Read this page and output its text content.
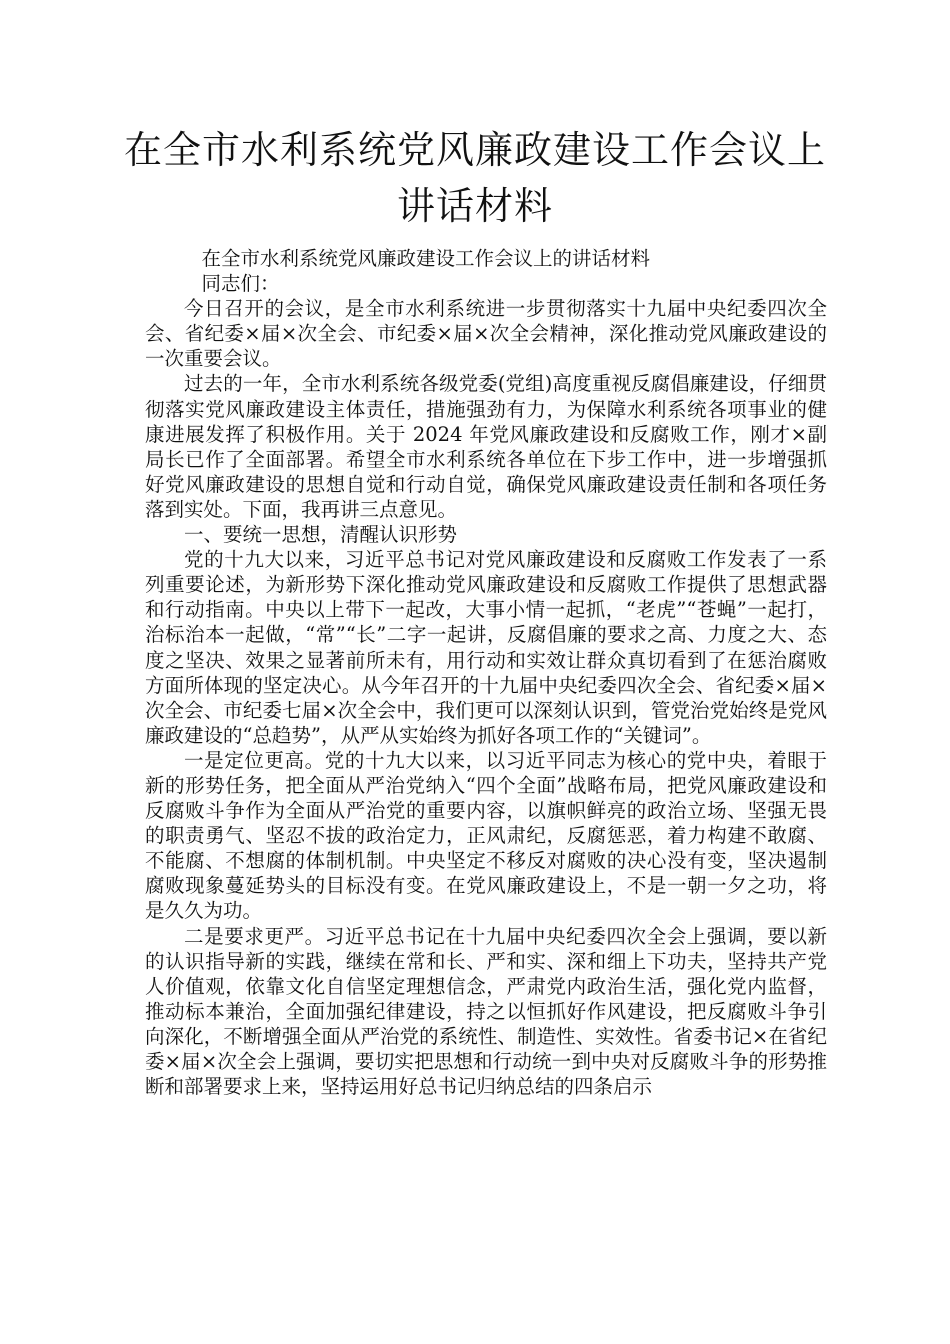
在全市水利系统党风廉政建设工作会议上
讲话材料

在全市水利系统党风廉政建设工作会议上的讲话材料

同志们：

今日召开的会议，是全市水利系统进一步贯彻落实十九届中央纪委四次全会、省纪委×届×次全会、市纪委×届×次全会精神，深化推动党风廉政建设的一次重要会议。

过去的一年，全市水利系统各级党委(党组)高度重视反腐倡廉建设，仔细贯彻落实党风廉政建设主体责任，措施强劲有力，为保障水利系统各项事业的健康进展发挥了积极作用。关于 2024 年党风廉政建设和反腐败工作，刚才×副局长已作了全面部署。希望全市水利系统各单位在下步工作中，进一步增强抓好党风廉政建设的思想自觉和行动自觉，确保党风廉政建设责任制和各项任务落到实处。下面，我再讲三点意见。

一、要统一思想，清醒认识形势

党的十九大以来，习近平总书记对党风廉政建设和反腐败工作发表了一系列重要论述，为新形势下深化推动党风廉政建设和反腐败工作提供了思想武器和行动指南。中央以上带下一起改，大事小情一起抓，“老虎”“苍蝇”一起打，治标治本一起做，“常”“长”二字一起讲，反腐倡廉的要求之高、力度之大、态度之坚决、效果之显著前所未有，用行动和实效让群众真切看到了在惩治腐败方面所体现的坚定决心。从今年召开的十九届中央纪委四次全会、省纪委×届×次全会、市纪委七届×次全会中，我们更可以深刻认识到，管党治党始终是党风廉政建设的“总趋势”，从严从实始终为抓好各项工作的“关键词”。

一是定位更高。党的十九大以来，以习近平同志为核心的党中央，着眼于新的形势任务，把全面从严治党纳入“四个全面”战略布局，把党风廉政建设和反腐败斗争作为全面从严治党的重要内容，以旗帜鲜亮的政治立场、坚强无畏的职责勇气、坚忍不拔的政治定力，正风肃纪，反腐惩恶，着力构建不敢腐、不能腐、不想腐的体制机制。中央坚定不移反对腐败的决心没有变，坚决遏制腐败现象蔓延势头的目标没有变。在党风廉政建设上，不是一朝一夕之功，将是久久为功。

二是要求更严。习近平总书记在十九届中央纪委四次全会上强调，要以新的认识指导新的实践，继续在常和长、严和实、深和细上下功夫，坚持共产党人价值观，依靠文化自信坚定理想信念，严肃党内政治生活，强化党内监督，推动标本兼治，全面加强纪律建设，持之以恒抓好作风建设，把反腐败斗争引向深化，不断增强全面从严治党的系统性、制造性、实效性。省委书记×在省纪委×届×次全会上强调，要切实把思想和行动统一到中央对反腐败斗争的形势推断和部署要求上来，坚持运用好总书记归纳总结的四条启示
